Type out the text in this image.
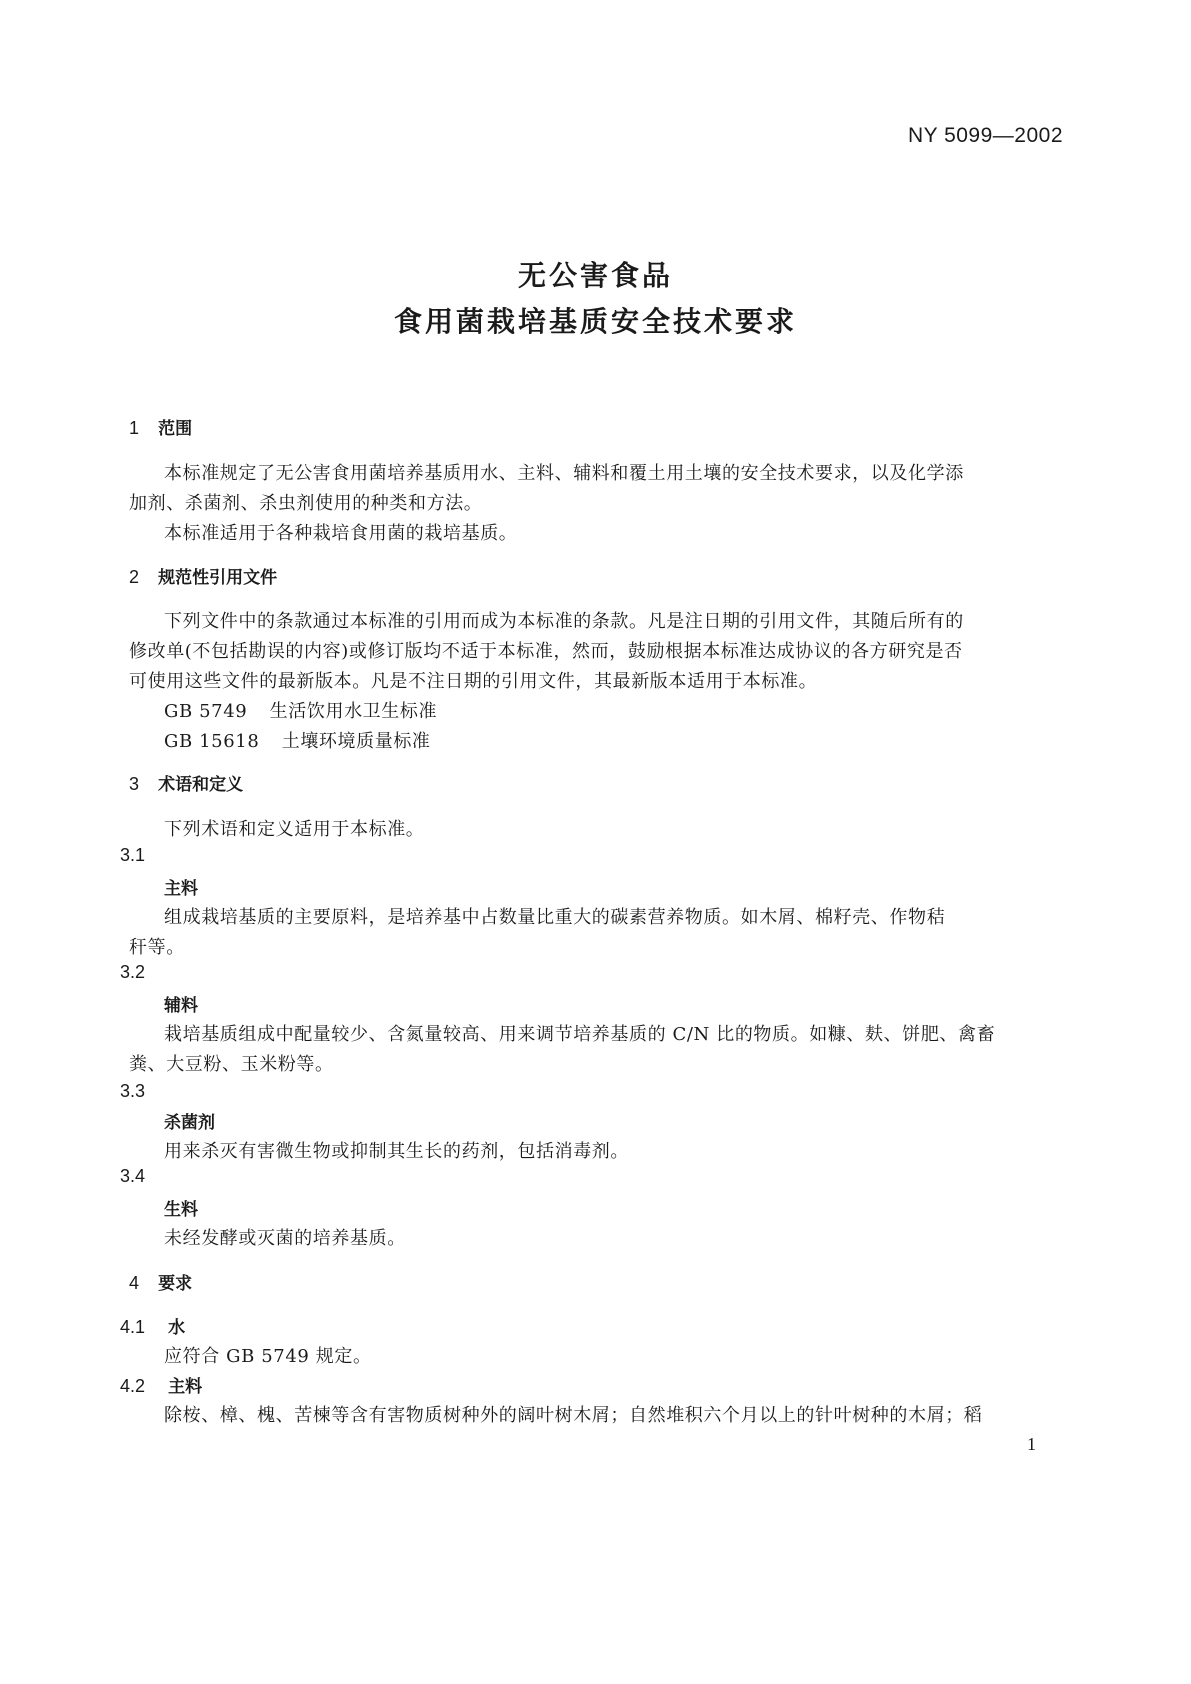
NY 5099—2002
无公害食品
食用菌栽培基质安全技术要求
1 范围
本标准规定了无公害食用菌培养基质用水、主料、辅料和覆土用土壤的安全技术要求，以及化学添
加剂、杀菌剂、杀虫剂使用的种类和方法。
本标准适用于各种栽培食用菌的栽培基质。
2 规范性引用文件
下列文件中的条款通过本标准的引用而成为本标准的条款。凡是注日期的引用文件，其随后所有的
修改单(不包括勘误的内容)或修订版均不适于本标准，然而，鼓励根据本标准达成协议的各方研究是否
可使用这些文件的最新版本。凡是不注日期的引用文件，其最新版本适用于本标准。
GB 5749 生活饮用水卫生标准
GB 15618 土壤环境质量标准
3 术语和定义
下列术语和定义适用于本标准。
3.1
主料
组成栽培基质的主要原料，是培养基中占数量比重大的碳素营养物质。如木屑、棉籽壳、作物秸
秆等。
3.2
辅料
栽培基质组成中配量较少、含氮量较高、用来调节培养基质的 C/N 比的物质。如糠、麸、饼肥、禽畜
粪、大豆粉、玉米粉等。
3.3
杀菌剂
用来杀灭有害微生物或抑制其生长的药剂，包括消毒剂。
3.4
生料
未经发酵或灭菌的培养基质。
4 要求
4.1 水
应符合 GB 5749 规定。
4.2 主料
除桉、樟、槐、苦楝等含有害物质树种外的阔叶树木屑；自然堆积六个月以上的针叶树种的木屑；稻
1
